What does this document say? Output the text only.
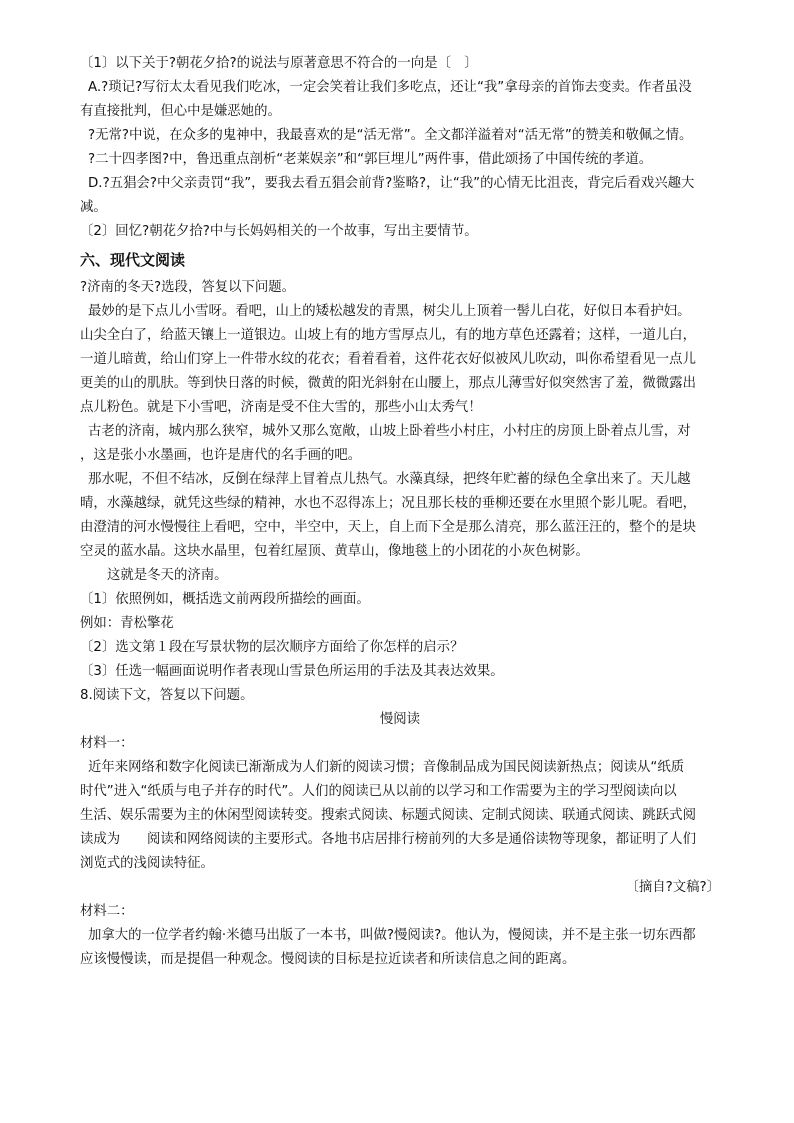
〔1〕以下关于?朝花夕拾?的说法与原著意思不符合的一向是〔　〕
A.?琐记?写衍太太看见我们吃冰，一定会笑着让我们多吃点，还让“我”拿母亲的首饰去变卖。作者虽没
有直接批判，但心中是嫌恶她的。
?无常?中说，在众多的鬼神中，我最喜欢的是“活无常”。全文都洋溢着对“活无常”的赞美和敬佩之情。
?二十四孝图?中，鲁迅重点剖析“老莱娱亲”和“郭巨埋儿”两件事，借此颂扬了中国传统的孝道。
D.?五猖会?中父亲责罚“我”，要我去看五猖会前背?鉴略?，让“我”的心情无比沮丧，背完后看戏兴趣大
减。
〔2〕回忆?朝花夕拾?中与长妈妈相关的一个故事，写出主要情节。
六、现代文阅读
?济南的冬天?选段，答复以下问题。
最妙的是下点儿小雪呀。看吧，山上的矮松越发的青黑，树尖儿上顶着一髻儿白花，好似日本看护妇。
山尖全白了，给蓝天镶上一道银边。山坡上有的地方雪厚点儿，有的地方草色还露着；这样，一道儿白，
一道儿暗黄，给山们穿上一件带水纹的花衣；看着看着，这件花衣好似被风儿吹动，叫你希望看见一点儿
更美的山的肌肤。等到快日落的时候，微黄的阳光斜射在山腰上，那点儿薄雪好似突然害了羞，微微露出
点儿粉色。就是下小雪吧，济南是受不住大雪的，那些小山太秀气！
古老的济南，城内那么狭窄，城外又那么宽敞，山坡上卧着些小村庄，小村庄的房顶上卧着点儿雪，对
，这是张小水墨画，也许是唐代的名手画的吧。
那水呢，不但不结冰，反倒在绿萍上冒着点儿热气。水藻真绿，把终年贮蓄的绿色全拿出来了。天儿越
晴，水藻越绿，就凭这些绿的精神，水也不忍得冻上；况且那长枝的垂柳还要在水里照个影儿呢。看吧，
由澄清的河水慢慢往上看吧，空中，半空中，天上，自上而下全是那么清亮，那么蓝汪汪的，整个的是块
空灵的蓝水晶。这块水晶里，包着红屋顶、黄草山，像地毯上的小团花的小灰色树影。
这就是冬天的济南。
〔1〕依照例如，概括选文前两段所描绘的画面。
例如：青松擎花
〔2〕选文第１段在写景状物的层次顺序方面给了你怎样的启示？
〔3〕任选一幅画面说明作者表现山雪景色所运用的手法及其表达效果。
8.阅读下文，答复以下问题。
慢阅读
材料一：
近年来网络和数字化阅读已渐渐成为人们新的阅读习惯；音像制品成为国民阅读新热点；阅读从“纸质
时代”进入“纸质与电子并存的时代”。人们的阅读已从以前的以学习和工作需要为主的学习型阅读向以
生活、娱乐需要为主的休闲型阅读转变。搜索式阅读、标题式阅读、定制式阅读、联通式阅读、跳跃式阅
读成为　　阅读和网络阅读的主要形式。各地书店居排行榜前列的大多是通俗读物等现象，都证明了人们
浏览式的浅阅读特征。
〔摘自?文稿?〕
材料二：
加拿大的一位学者约翰·米德马出版了一本书，叫做?慢阅读?。他认为，慢阅读，并不是主张一切东西都
应该慢慢读，而是提倡一种观念。慢阅读的目标是拉近读者和所读信息之间的距离。
